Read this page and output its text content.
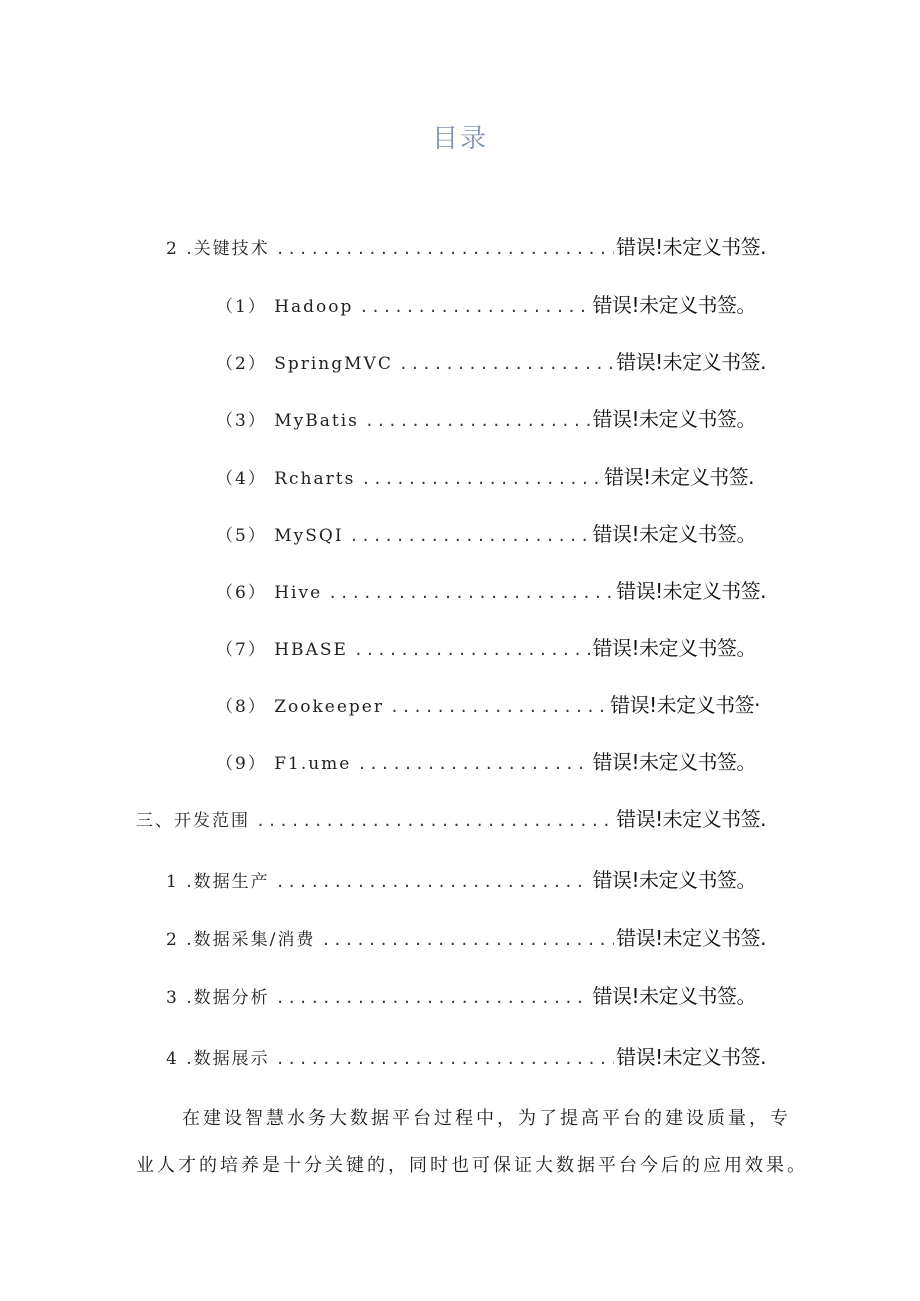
目录
2 .关键技术 .....	错误!未定义书签.
（1） Hadoop .....	错误!未定义书签。
（2） SpringMVC .....	错误!未定义书签.
（3） MyBatis .....	错误!未定义书签。
（4） Rcharts .....	错误!未定义书签.
（5） MySQI .....	错误!未定义书签。
（6） Hive .....	错误!未定义书签.
（7） HBASE .....	错误!未定义书签。
（8） Zookeeper .....	错误!未定义书签·
（9） F1.ume .....	错误!未定义书签。
三、开发范围 .....	错误!未定义书签.
1 .数据生产 .....	错误!未定义书签。
2 .数据采集/消费 .....	错误!未定义书签.
3 .数据分析 .....	错误!未定义书签。
4 .数据展示 .....	错误!未定义书签.
在建设智慧水务大数据平台过程中，为了提高平台的建设质量，专
业人才的培养是十分关键的，同时也可保证大数据平台今后的应用效果。
